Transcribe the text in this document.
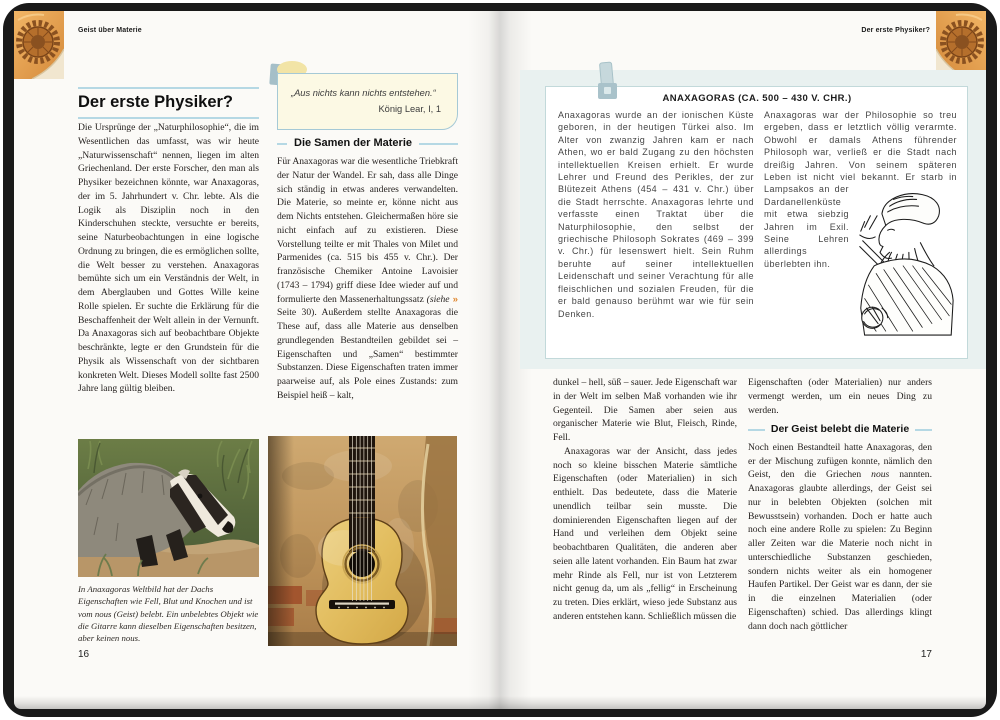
Geist über Materie
Der erste Physiker?
Die Ursprünge der „Naturphilosophie“, die im Wesentlichen das umfasst, was wir heute „Naturwissenschaft“ nennen, liegen im alten Griechenland. Der erste Forscher, den man als Physiker bezeichnen könnte, war Anaxagoras, der im 5. Jahrhundert v. Chr. lebte. Als die Logik als Disziplin noch in den Kinderschuhen steckte, versuchte er bereits, seine Naturbeobachtungen in eine logische Ordnung zu bringen, die es ermöglichen sollte, die Welt besser zu verstehen. Anaxagoras bemühte sich um ein Verständnis der Welt, in dem Aberglauben und Gottes Wille keine Rolle spielen. Er suchte die Erklärung für die Beschaffenheit der Welt allein in der Vernunft. Da Anaxagoras sich auf beobachtbare Objekte beschränkte, legte er den Grundstein für die Physik als Wissenschaft von der sichtbaren konkreten Welt. Dieses Modell sollte fast 2500 Jahre lang gültig bleiben.
In Anaxagoras Weltbild hat der Dachs Eigenschaften wie Fell, Blut und Knochen und ist vom nous (Geist) belebt. Ein unbelebtes Objekt wie die Gitarre kann dieselben Eigenschaften besitzen, aber keinen nous.
16
„Aus nichts kann nichts entstehen.“
König Lear, I, 1
Die Samen der Materie
Für Anaxagoras war die wesentliche Triebkraft der Natur der Wandel. Er sah, dass alle Dinge sich ständig in etwas anderes verwandelten. Die Materie, so meinte er, könne nicht aus dem Nichts entstehen. Gleichermaßen höre sie nicht einfach auf zu existieren. Diese Vorstellung teilte er mit Thales von Milet und Parmenides (ca. 515 bis 455 v. Chr.). Der französische Chemiker Antoine Lavoisier (1743 – 1794) griff diese Idee wieder auf und formulierte den Massenerhaltungssatz (siehe » Seite 30). Außerdem stellte Anaxagoras die These auf, dass alle Materie aus denselben grundlegenden Bestandteilen gebildet sei – Eigenschaften und „Samen“ bestimmter Substanzen. Diese Eigenschaften traten immer paarweise auf, als Pole eines Zustands: zum Beispiel heiß – kalt,
Der erste Physiker?
ANAXAGORAS (CA. 500 – 430 V. CHR.)
Anaxagoras wurde an der ionischen Küste geboren, in der heutigen Türkei also. Im Alter von zwanzig Jahren kam er nach Athen, wo er bald Zugang zu den höchsten intellektuellen Kreisen erhielt. Er wurde Lehrer und Freund des Perikles, der zur Blütezeit Athens (454 – 431 v. Chr.) über die Stadt herrschte. Anaxagoras lehrte und verfasste einen Traktat über die Naturphilosophie, den selbst der griechische Philosoph Sokrates (469 – 399 v. Chr.) für lesenswert hielt. Sein Ruhm beruhte auf seiner intellektuellen Leidenschaft und seiner Verachtung für alle fleischlichen und sozialen Freuden, für die er bald genauso berühmt war wie für sein Denken.
Anaxagoras war der Philosophie so treu ergeben, dass er letztlich völlig verarmte. Obwohl er damals Athens führender Philosoph war, verließ er die Stadt nach dreißig Jahren. Von seinem späteren Leben ist nicht viel bekannt. Er starb in Lampsakos an der Dardanellenküste mit etwa siebzig Jahren im Exil. Seine Lehren allerdings überlebten ihn.
dunkel – hell, süß – sauer. Jede Eigenschaft war in der Welt im selben Maß vorhanden wie ihr Gegenteil. Die Samen aber seien aus organischer Materie wie Blut, Fleisch, Rinde, Fell.
Anaxagoras war der Ansicht, dass jedes noch so kleine bisschen Materie sämtliche Eigenschaften (oder Materialien) in sich enthielt. Das bedeutete, dass die Materie unendlich teilbar sein musste. Die dominierenden Eigenschaften liegen auf der Hand und verleihen dem Objekt seine beobachtbaren Qualitäten, die anderen aber seien alle latent vorhanden. Ein Baum hat zwar mehr Rinde als Fell, nur ist von Letzterem nicht genug da, um als „fellig“ in Erscheinung zu treten. Dies erklärt, wieso jede Substanz aus anderen entstehen kann. Schließlich müssen die
Eigenschaften (oder Materialien) nur anders vermengt werden, um ein neues Ding zu werden.
Der Geist belebt die Materie
Noch einen Bestandteil hatte Anaxagoras, den er der Mischung zufügen konnte, nämlich den Geist, den die Griechen nous nannten. Anaxagoras glaubte allerdings, der Geist sei nur in belebten Objekten (solchen mit Bewusstsein) vorhanden. Doch er hatte auch noch eine andere Rolle zu spielen: Zu Beginn aller Zeiten war die Materie noch nicht in unterschiedliche Substanzen geschieden, sondern nichts weiter als ein homogener Haufen Partikel. Der Geist war es dann, der sie in die einzelnen Materialien (oder Eigenschaften) schied. Das allerdings klingt dann doch nach göttlicher
17
